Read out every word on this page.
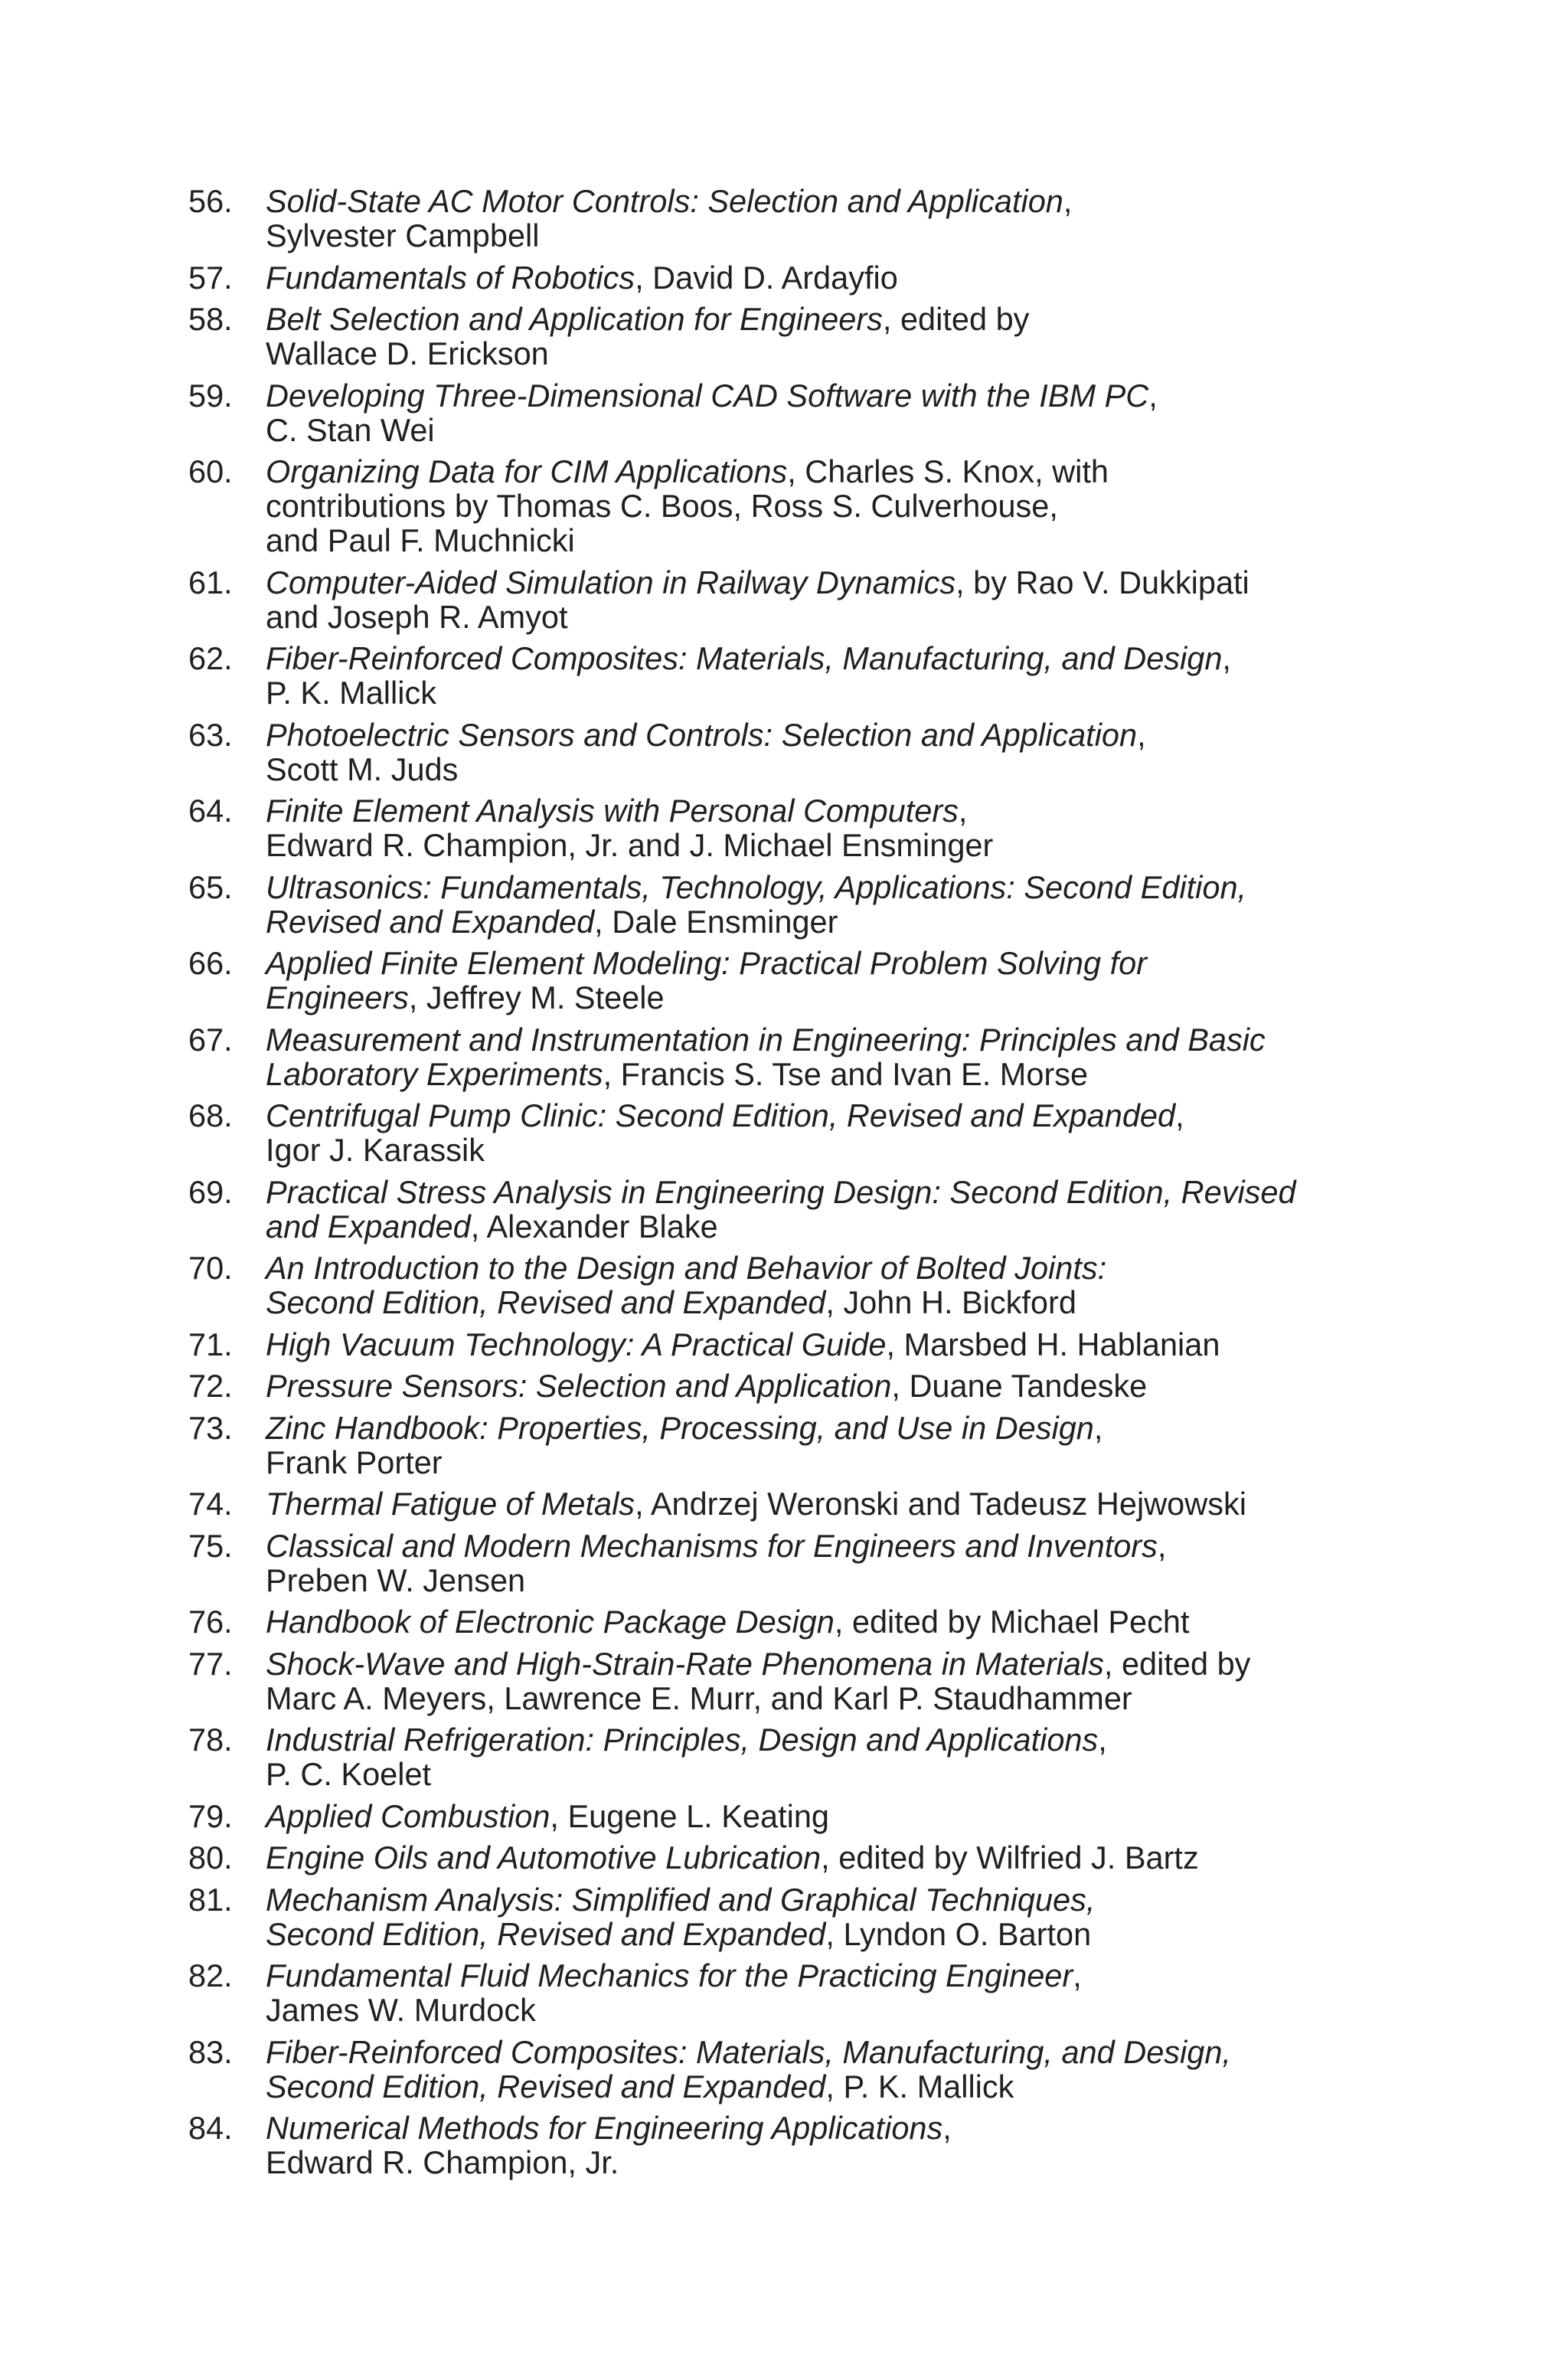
56.	Solid-State AC Motor Controls: Selection and Application,
Sylvester Campbell
57.	Fundamentals of Robotics, David D. Ardayfio
58.	Belt Selection and Application for Engineers, edited by
Wallace D. Erickson
59.	Developing Three-Dimensional CAD Software with the IBM PC,
C. Stan Wei
60.	Organizing Data for CIM Applications, Charles S. Knox, with
contributions by Thomas C. Boos, Ross S. Culverhouse,
and Paul F. Muchnicki
61.	Computer-Aided Simulation in Railway Dynamics, by Rao V. Dukkipati
and Joseph R. Amyot
62.	Fiber-Reinforced Composites: Materials, Manufacturing, and Design,
P. K. Mallick
63.	Photoelectric Sensors and Controls: Selection and Application,
Scott M. Juds
64.	Finite Element Analysis with Personal Computers,
Edward R. Champion, Jr. and J. Michael Ensminger
65.	Ultrasonics: Fundamentals, Technology, Applications: Second Edition,
Revised and Expanded, Dale Ensminger
66.	Applied Finite Element Modeling: Practical Problem Solving for
Engineers, Jeffrey M. Steele
67.	Measurement and Instrumentation in Engineering: Principles and Basic
Laboratory Experiments, Francis S. Tse and Ivan E. Morse
68.	Centrifugal Pump Clinic: Second Edition, Revised and Expanded,
Igor J. Karassik
69.	Practical Stress Analysis in Engineering Design: Second Edition, Revised
and Expanded, Alexander Blake
70.	An Introduction to the Design and Behavior of Bolted Joints:
Second Edition, Revised and Expanded, John H. Bickford
71.	High Vacuum Technology: A Practical Guide, Marsbed H. Hablanian
72.	Pressure Sensors: Selection and Application, Duane Tandeske
73.	Zinc Handbook: Properties, Processing, and Use in Design,
Frank Porter
74.	Thermal Fatigue of Metals, Andrzej Weronski and Tadeusz Hejwowski
75.	Classical and Modern Mechanisms for Engineers and Inventors,
Preben W. Jensen
76.	Handbook of Electronic Package Design, edited by Michael Pecht
77.	Shock-Wave and High-Strain-Rate Phenomena in Materials, edited by
Marc A. Meyers, Lawrence E. Murr, and Karl P. Staudhammer
78.	Industrial Refrigeration: Principles, Design and Applications,
P. C. Koelet
79.	Applied Combustion, Eugene L. Keating
80.	Engine Oils and Automotive Lubrication, edited by Wilfried J. Bartz
81.	Mechanism Analysis: Simplified and Graphical Techniques,
Second Edition, Revised and Expanded, Lyndon O. Barton
82.	Fundamental Fluid Mechanics for the Practicing Engineer,
James W. Murdock
83.	Fiber-Reinforced Composites: Materials, Manufacturing, and Design,
Second Edition, Revised and Expanded, P. K. Mallick
84.	Numerical Methods for Engineering Applications,
Edward R. Champion, Jr.
